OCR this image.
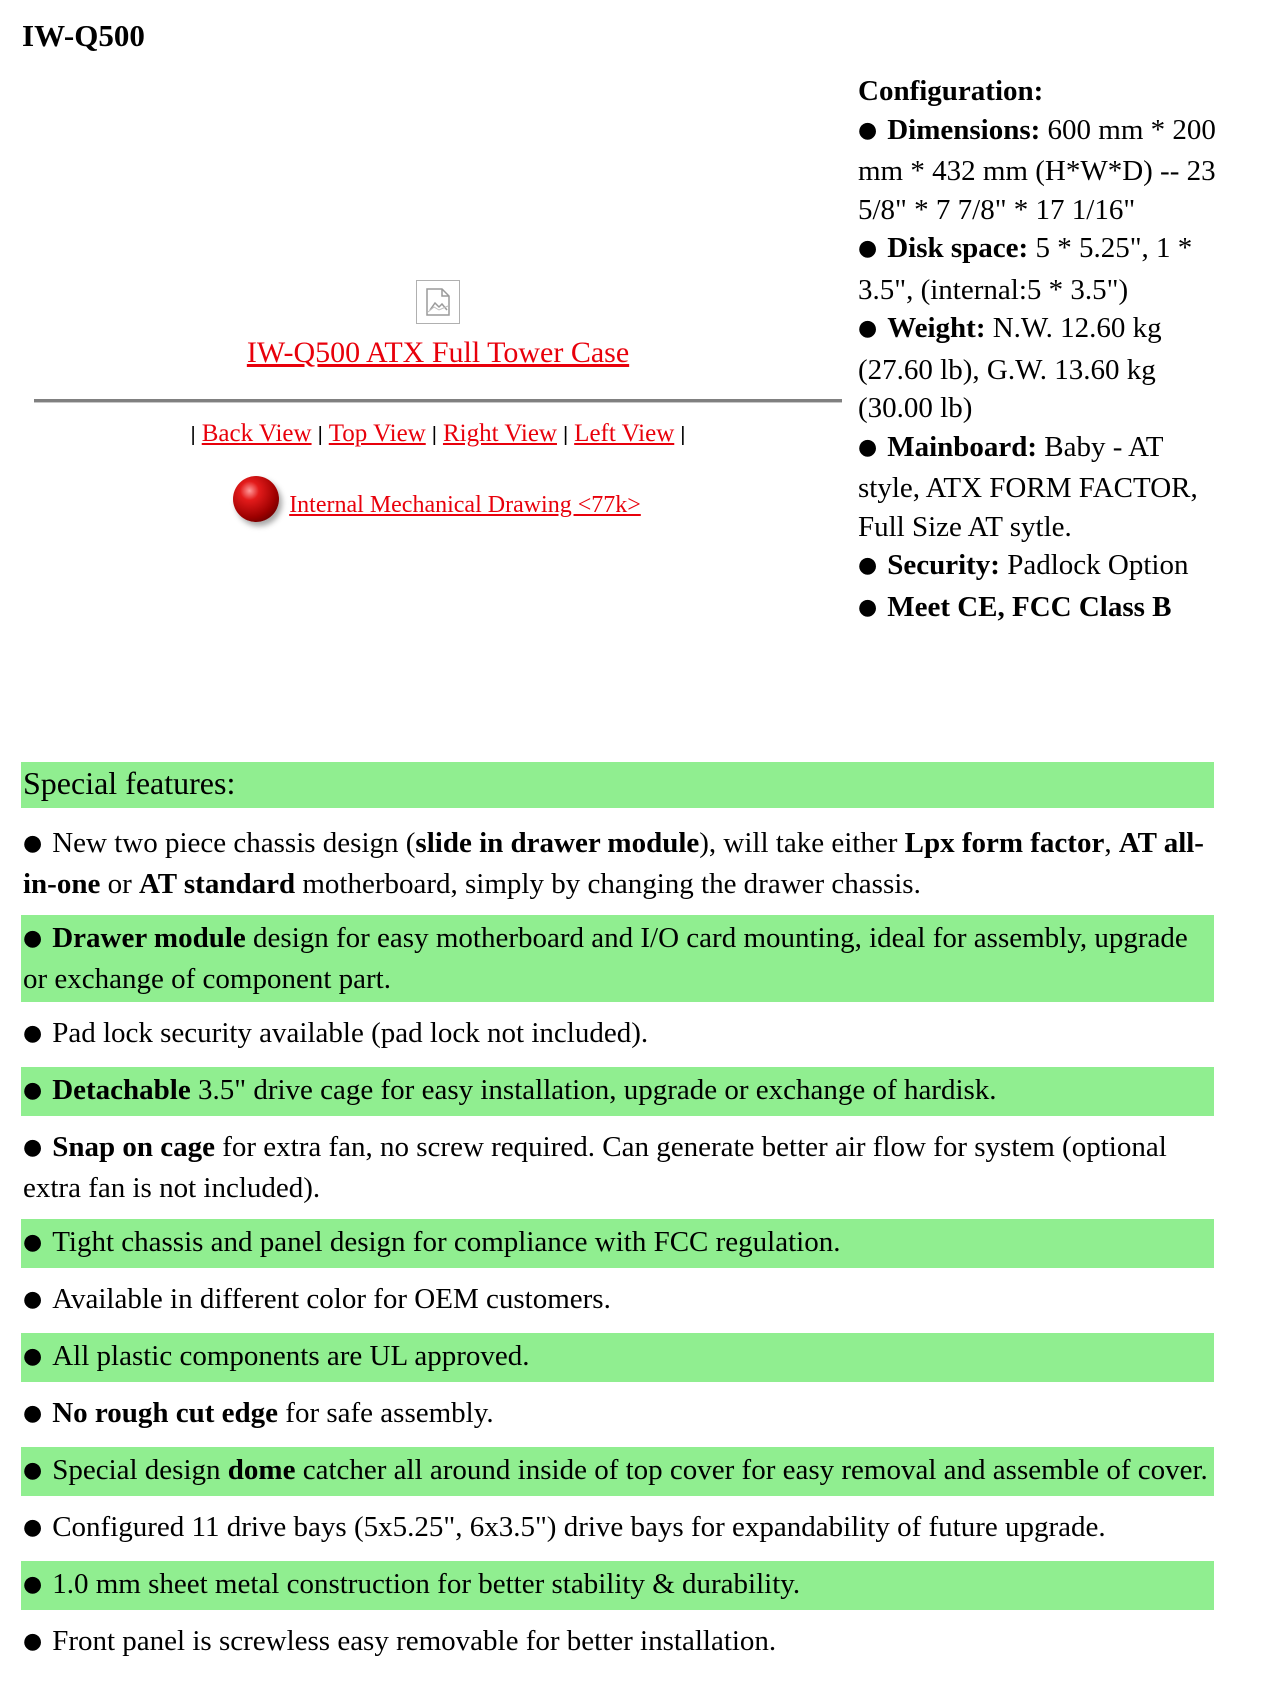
IW-Q500
IW-Q500 ATX Full Tower Case
| Back View | Top View | Right View | Left View |
Internal Mechanical Drawing <77k>
Configuration:
● Dimensions: 600 mm * 200 mm * 432 mm (H*W*D) -- 23 5/8" * 7 7/8" * 17 1/16"
● Disk space: 5 * 5.25", 1 * 3.5", (internal:5 * 3.5")
● Weight: N.W. 12.60 kg (27.60 lb), G.W. 13.60 kg (30.00 lb)
● Mainboard: Baby - AT style, ATX FORM FACTOR, Full Size AT sytle.
● Security: Padlock Option
● Meet CE, FCC Class B
Special features:
● New two piece chassis design (slide in drawer module), will take either Lpx form factor, AT all-in-one or AT standard motherboard, simply by changing the drawer chassis.
● Drawer module design for easy motherboard and I/O card mounting, ideal for assembly, upgrade or exchange of component part.
● Pad lock security available (pad lock not included).
● Detachable 3.5" drive cage for easy installation, upgrade or exchange of hardisk.
● Snap on cage for extra fan, no screw required. Can generate better air flow for system (optional extra fan is not included).
● Tight chassis and panel design for compliance with FCC regulation.
● Available in different color for OEM customers.
● All plastic components are UL approved.
● No rough cut edge for safe assembly.
● Special design dome catcher all around inside of top cover for easy removal and assemble of cover.
● Configured 11 drive bays (5x5.25", 6x3.5") drive bays for expandability of future upgrade.
● 1.0 mm sheet metal construction for better stability & durability.
● Front panel is screwless easy removable for better installation.
